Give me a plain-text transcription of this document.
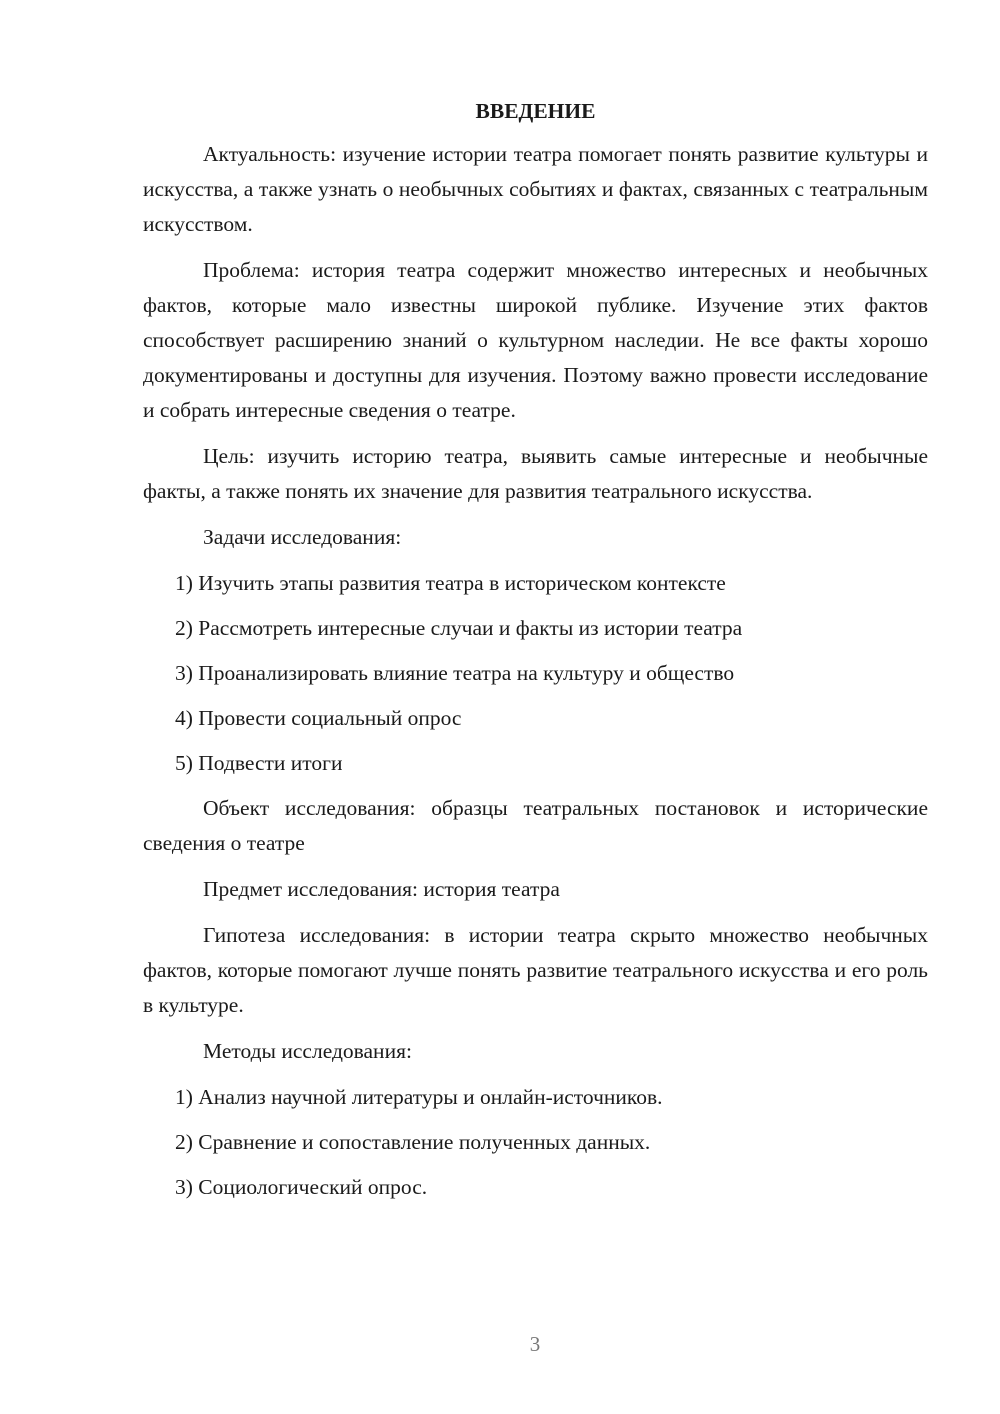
ВВЕДЕНИЕ

Актуальность: изучение истории театра помогает понять развитие культуры и искусства, а также узнать о необычных событиях и фактах, связанных с театральным искусством.

Проблема: история театра содержит множество интересных и необычных фактов, которые мало известны широкой публике. Изучение этих фактов способствует расширению знаний о культурном наследии. Не все факты хорошо документированы и доступны для изучения. Поэтому важно провести исследование и собрать интересные сведения о театре.

Цель: изучить историю театра, выявить самые интересные и необычные факты, а также понять их значение для развития театрального искусства.

Задачи исследования:

1) Изучить этапы развития театра в историческом контексте

2) Рассмотреть интересные случаи и факты из истории театра

3) Проанализировать влияние театра на культуру и общество

4) Провести социальный опрос

5) Подвести итоги

Объект исследования: образцы театральных постановок и исторические сведения о театре

Предмет исследования: история театра

Гипотеза исследования: в истории театра скрыто множество необычных фактов, которые помогают лучше понять развитие театрального искусства и его роль в культуре.

Методы исследования:

1) Анализ научной литературы и онлайн-источников.

2) Сравнение и сопоставление полученных данных.

3) Социологический опрос.

3
